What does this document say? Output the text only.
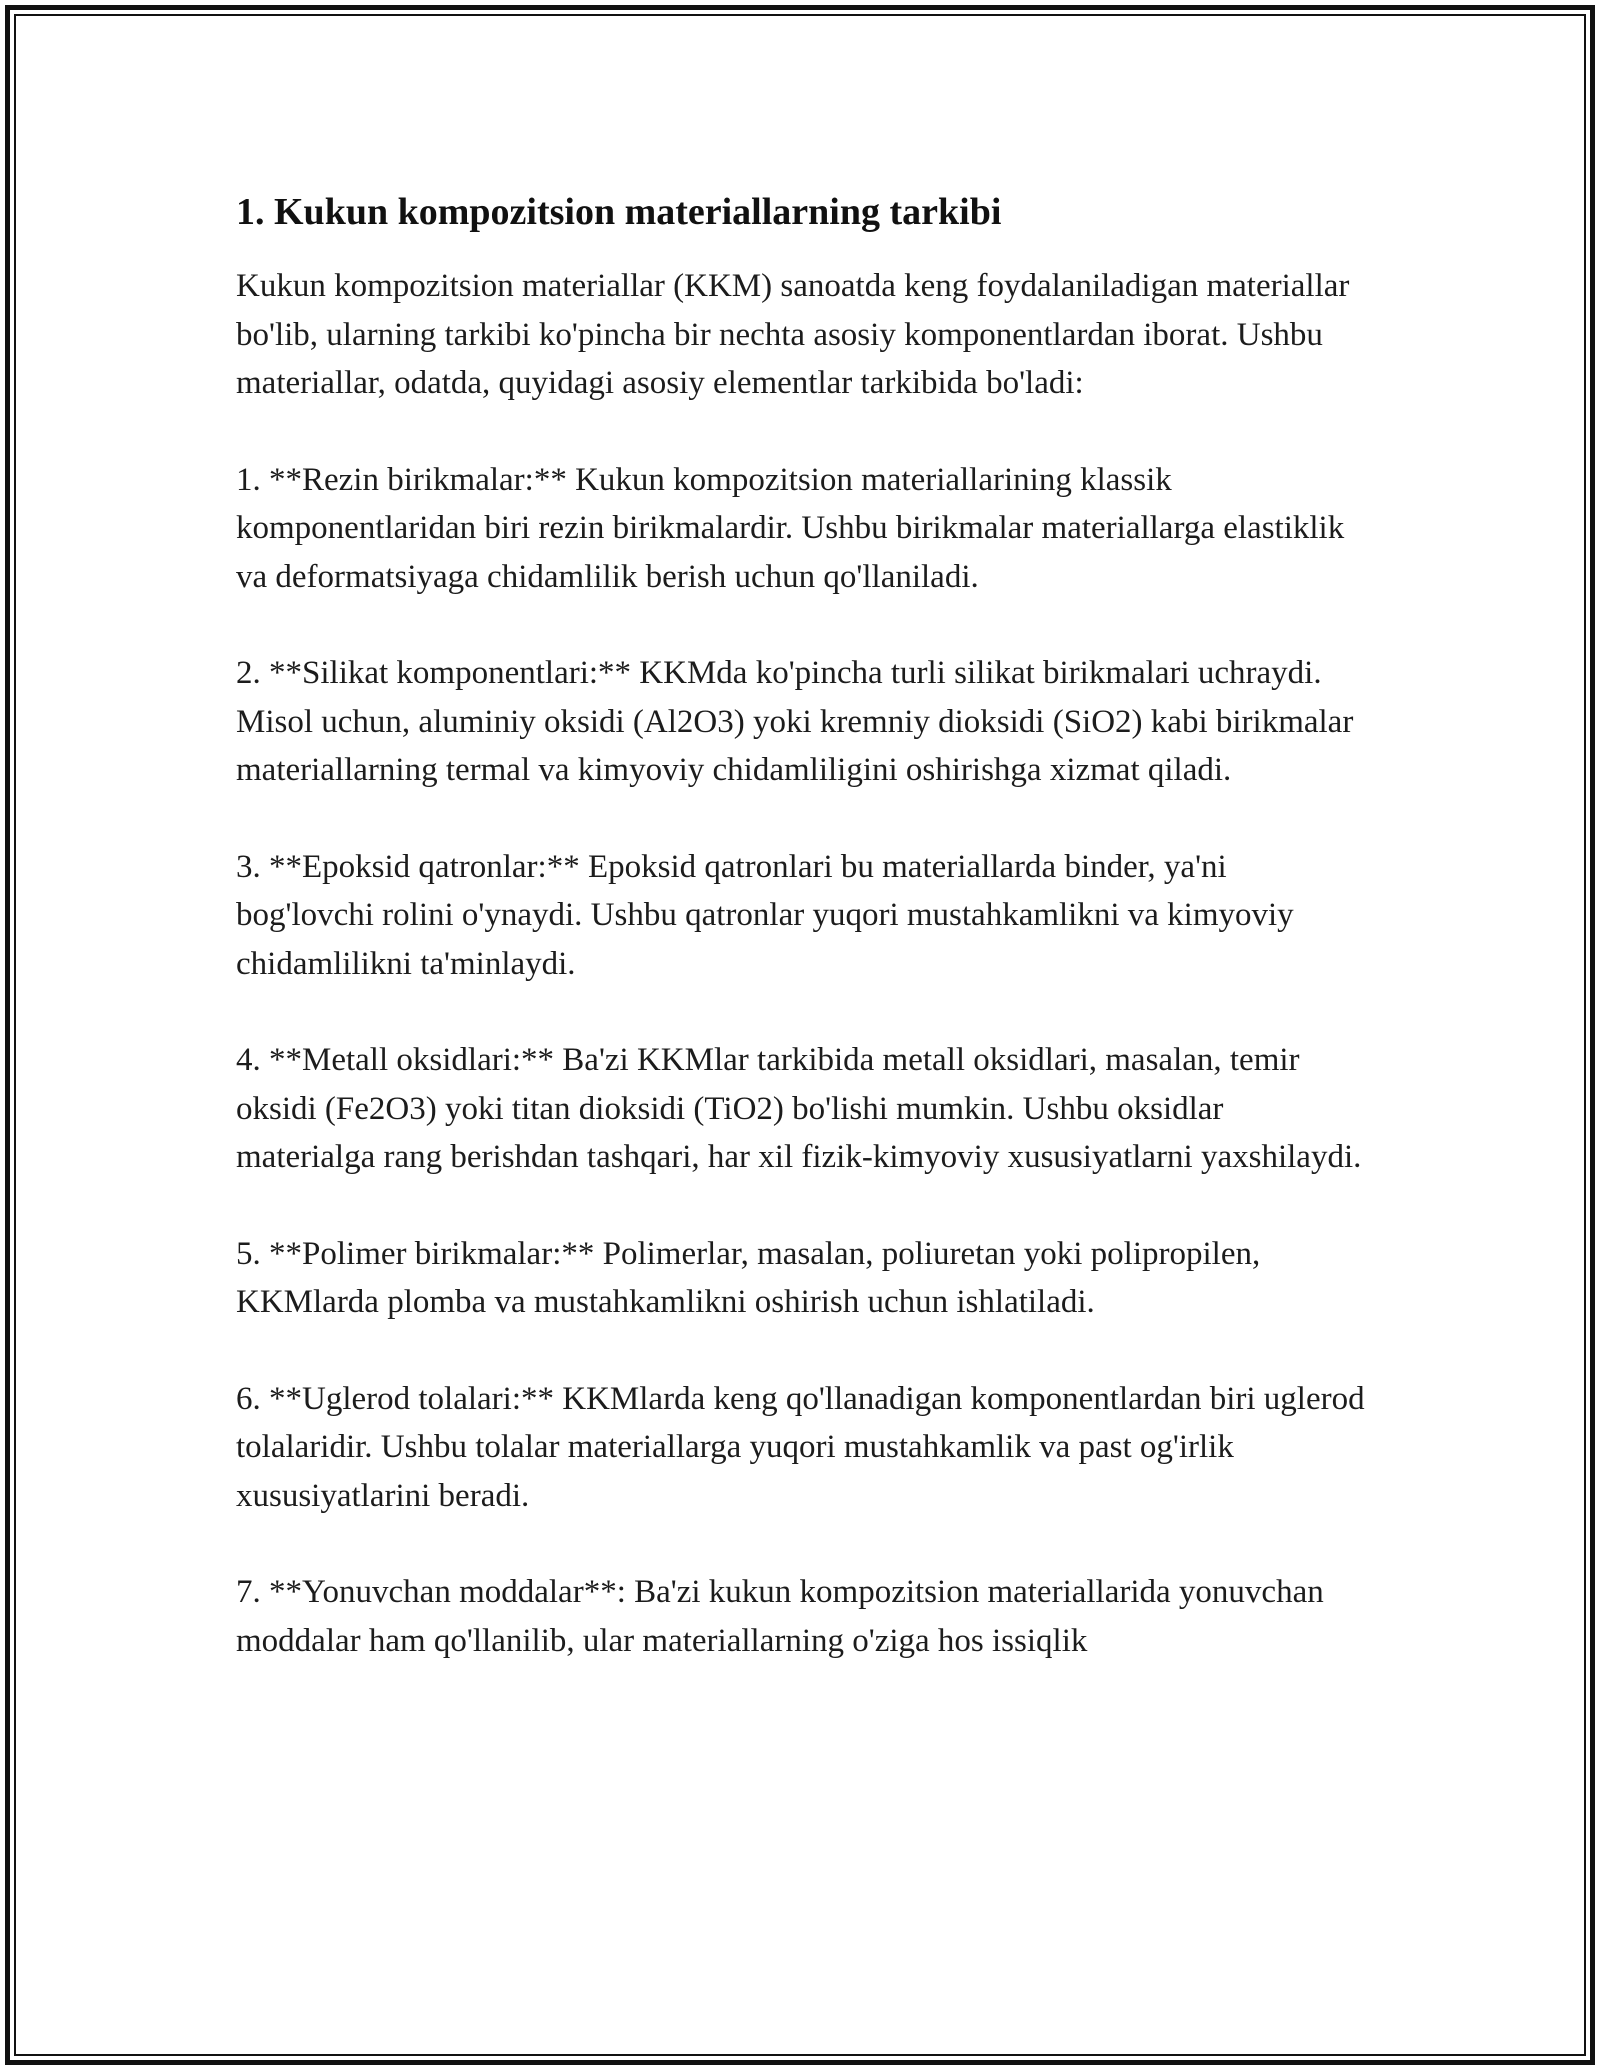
1. Kukun kompozitsion materiallarning tarkibi

Kukun kompozitsion materiallar (KKM) sanoatda keng foydalaniladigan materiallar bo'lib, ularning tarkibi ko'pincha bir nechta asosiy komponentlardan iborat. Ushbu materiallar, odatda, quyidagi asosiy elementlar tarkibida bo'ladi:

1. **Rezin birikmalar:** Kukun kompozitsion materiallarining klassik komponentlaridan biri rezin birikmalardir. Ushbu birikmalar materiallarga elastiklik va deformatsiyaga chidamlilik berish uchun qo'llaniladi.

2. **Silikat komponentlari:** KKMda ko'pincha turli silikat birikmalari uchraydi. Misol uchun, aluminiy oksidi (Al2O3) yoki kremniy dioksidi (SiO2) kabi birikmalar materiallarning termal va kimyoviy chidamliligini oshirishga xizmat qiladi.

3. **Epoksid qatronlar:** Epoksid qatronlari bu materiallarda binder, ya'ni bog'lovchi rolini o'ynaydi. Ushbu qatronlar yuqori mustahkamlikni va kimyoviy chidamlilikni ta'minlaydi.

4. **Metall oksidlari:** Ba'zi KKMlar tarkibida metall oksidlari, masalan, temir oksidi (Fe2O3) yoki titan dioksidi (TiO2) bo'lishi mumkin. Ushbu oksidlar materialga rang berishdan tashqari, har xil fizik-kimyoviy xususiyatlarni yaxshilaydi.

5. **Polimer birikmalar:** Polimerlar, masalan, poliuretan yoki polipropilen, KKMlarda plomba va mustahkamlikni oshirish uchun ishlatiladi.

6. **Uglerod tolalari:** KKMlarda keng qo'llanadigan komponentlardan biri uglerod tolalaridir. Ushbu tolalar materiallarga yuqori mustahkamlik va past og'irlik xususiyatlarini beradi.

7. **Yonuvchan moddalar**: Ba'zi kukun kompozitsion materiallarida yonuvchan moddalar ham qo'llanilib, ular materiallarning o'ziga hos issiqlik
